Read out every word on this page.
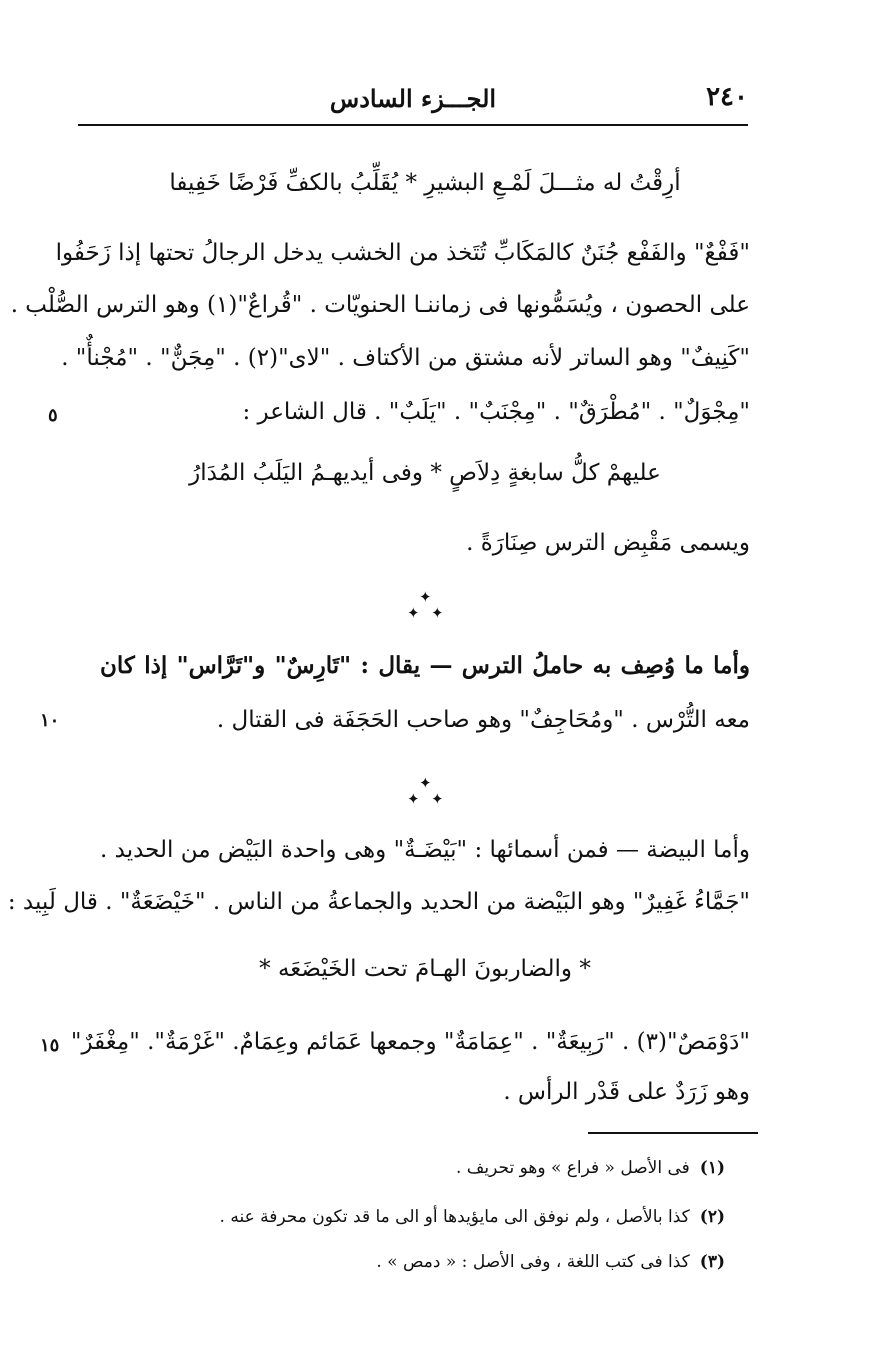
٢٤٠
الجـــزء السادس
أرِقْتُ له مثـــلَ لَمْـعِ البشيرِ * يُقَلِّبُ بالكفِّ فَرْضًا خَفِيفا
"فَفْعٌ" والفَفْع جُنَنٌ كالمَكَابِّ تُتَخذ من الخشب يدخل الرجالُ تحتها إذا زَحَفُوا
على الحصون ، ويُسَمُّونها فى زماننـا الحنويّات . "قُراعٌ"(١) وهو الترس الصُّلْب .
"كَنِيفٌ" وهو الساتر لأنه مشتق من الأكتاف . "لاى"(٢) . "مِجَنٌّ" . "مُجْنأٌ" .
"مِجْوَلٌ" . "مُطْرَقٌ" . "مِجْنَبٌ" . "يَلَبٌ" . قال الشاعر :
عليهمْ كلُّ سابغةٍ دِلاَصٍ * وفى أيديهـمُ اليَلَبُ المُدَارُ
ويسمى مَقْبِض الترس صِنَارَةً .
✦
✦ ✦
وأما ما وُصِف به حاملُ الترس — يقال : "تَارِسٌ" و"تَرَّاس" إذا كان
معه التُّرْس . "ومُحَاجِفٌ" وهو صاحب الحَجَفَة فى القتال .
✦
✦ ✦
وأما البيضة — فمن أسمائها : "بَيْضَـةٌ" وهى واحدة البَيْض من الحديد .
"جَمَّاءُ غَفِيرٌ" وهو البَيْضة من الحديد والجماعةُ من الناس . "خَيْضَعَةٌ" . قال لَبِيد :
* والضاربونَ الهـامَ تحت الخَيْضَعَه *
"دَوْمَصٌ"(٣) . "رَبِيعَةٌ" . "عِمَامَةٌ" وجمعها عَمَائم وعِمَامٌ. "غَرْمَةٌ". "مِغْفَرٌ"
وهو زَرَدٌ على قَدْر الرأس .
٥
١٠
١٥
(١)فى الأصل « فراع » وهو تحريف .
(٢)كذا بالأصل ، ولم نوفق الى مايؤيدها أو الى ما قد تكون محرفة عنه .
(٣)كذا فى كتب اللغة ، وفى الأصل : « دمص » .
